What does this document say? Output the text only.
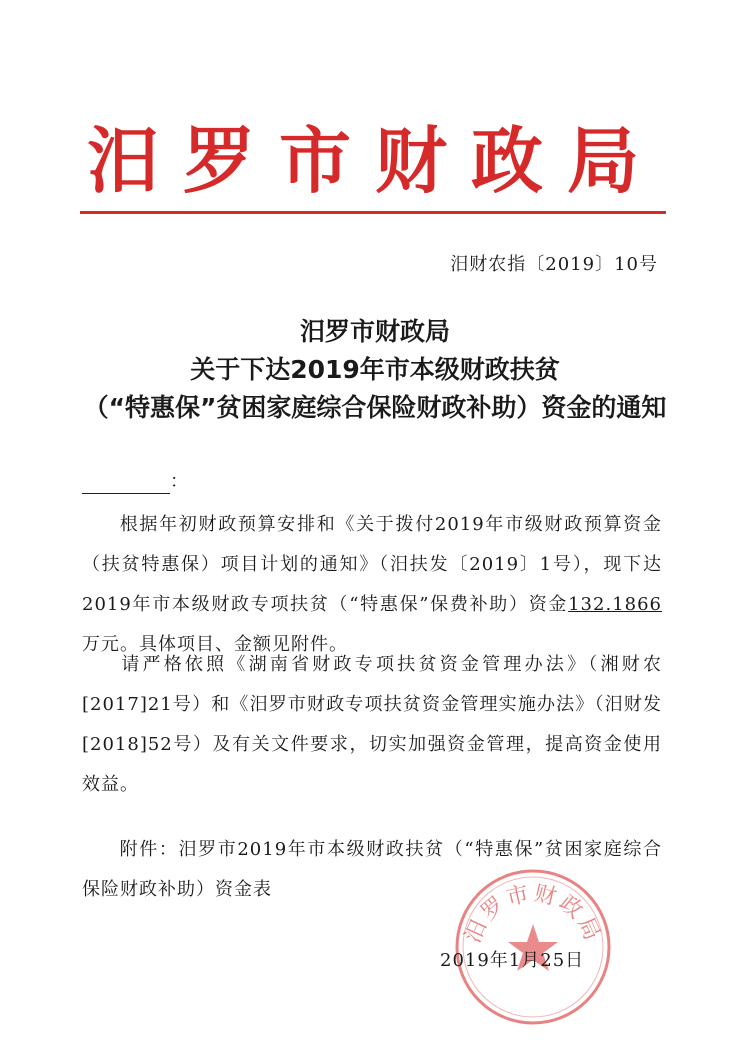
汨罗市财政局
汨财农指〔2019〕10号
汨罗市财政局
关于下达2019年市本级财政扶贫
（“特惠保”贫困家庭综合保险财政补助）资金的通知
：
根据年初财政预算安排和《关于拨付2019年市级财政预算资金（扶贫特惠保）项目计划的通知》（汨扶发〔2019〕1号），现下达2019年市本级财政专项扶贫（“特惠保”保费补助）资金132.1866万元。具体项目、金额见附件。
请严格依照《湖南省财政专项扶贫资金管理办法》（湘财农[2017]21号）和《汨罗市财政专项扶贫资金管理实施办法》（汨财发[2018]52号）及有关文件要求，切实加强资金管理，提高资金使用效益。
附件：汨罗市2019年市本级财政扶贫（“特惠保”贫困家庭综合保险财政补助）资金表
汨罗市财政局
2019年1月25日
